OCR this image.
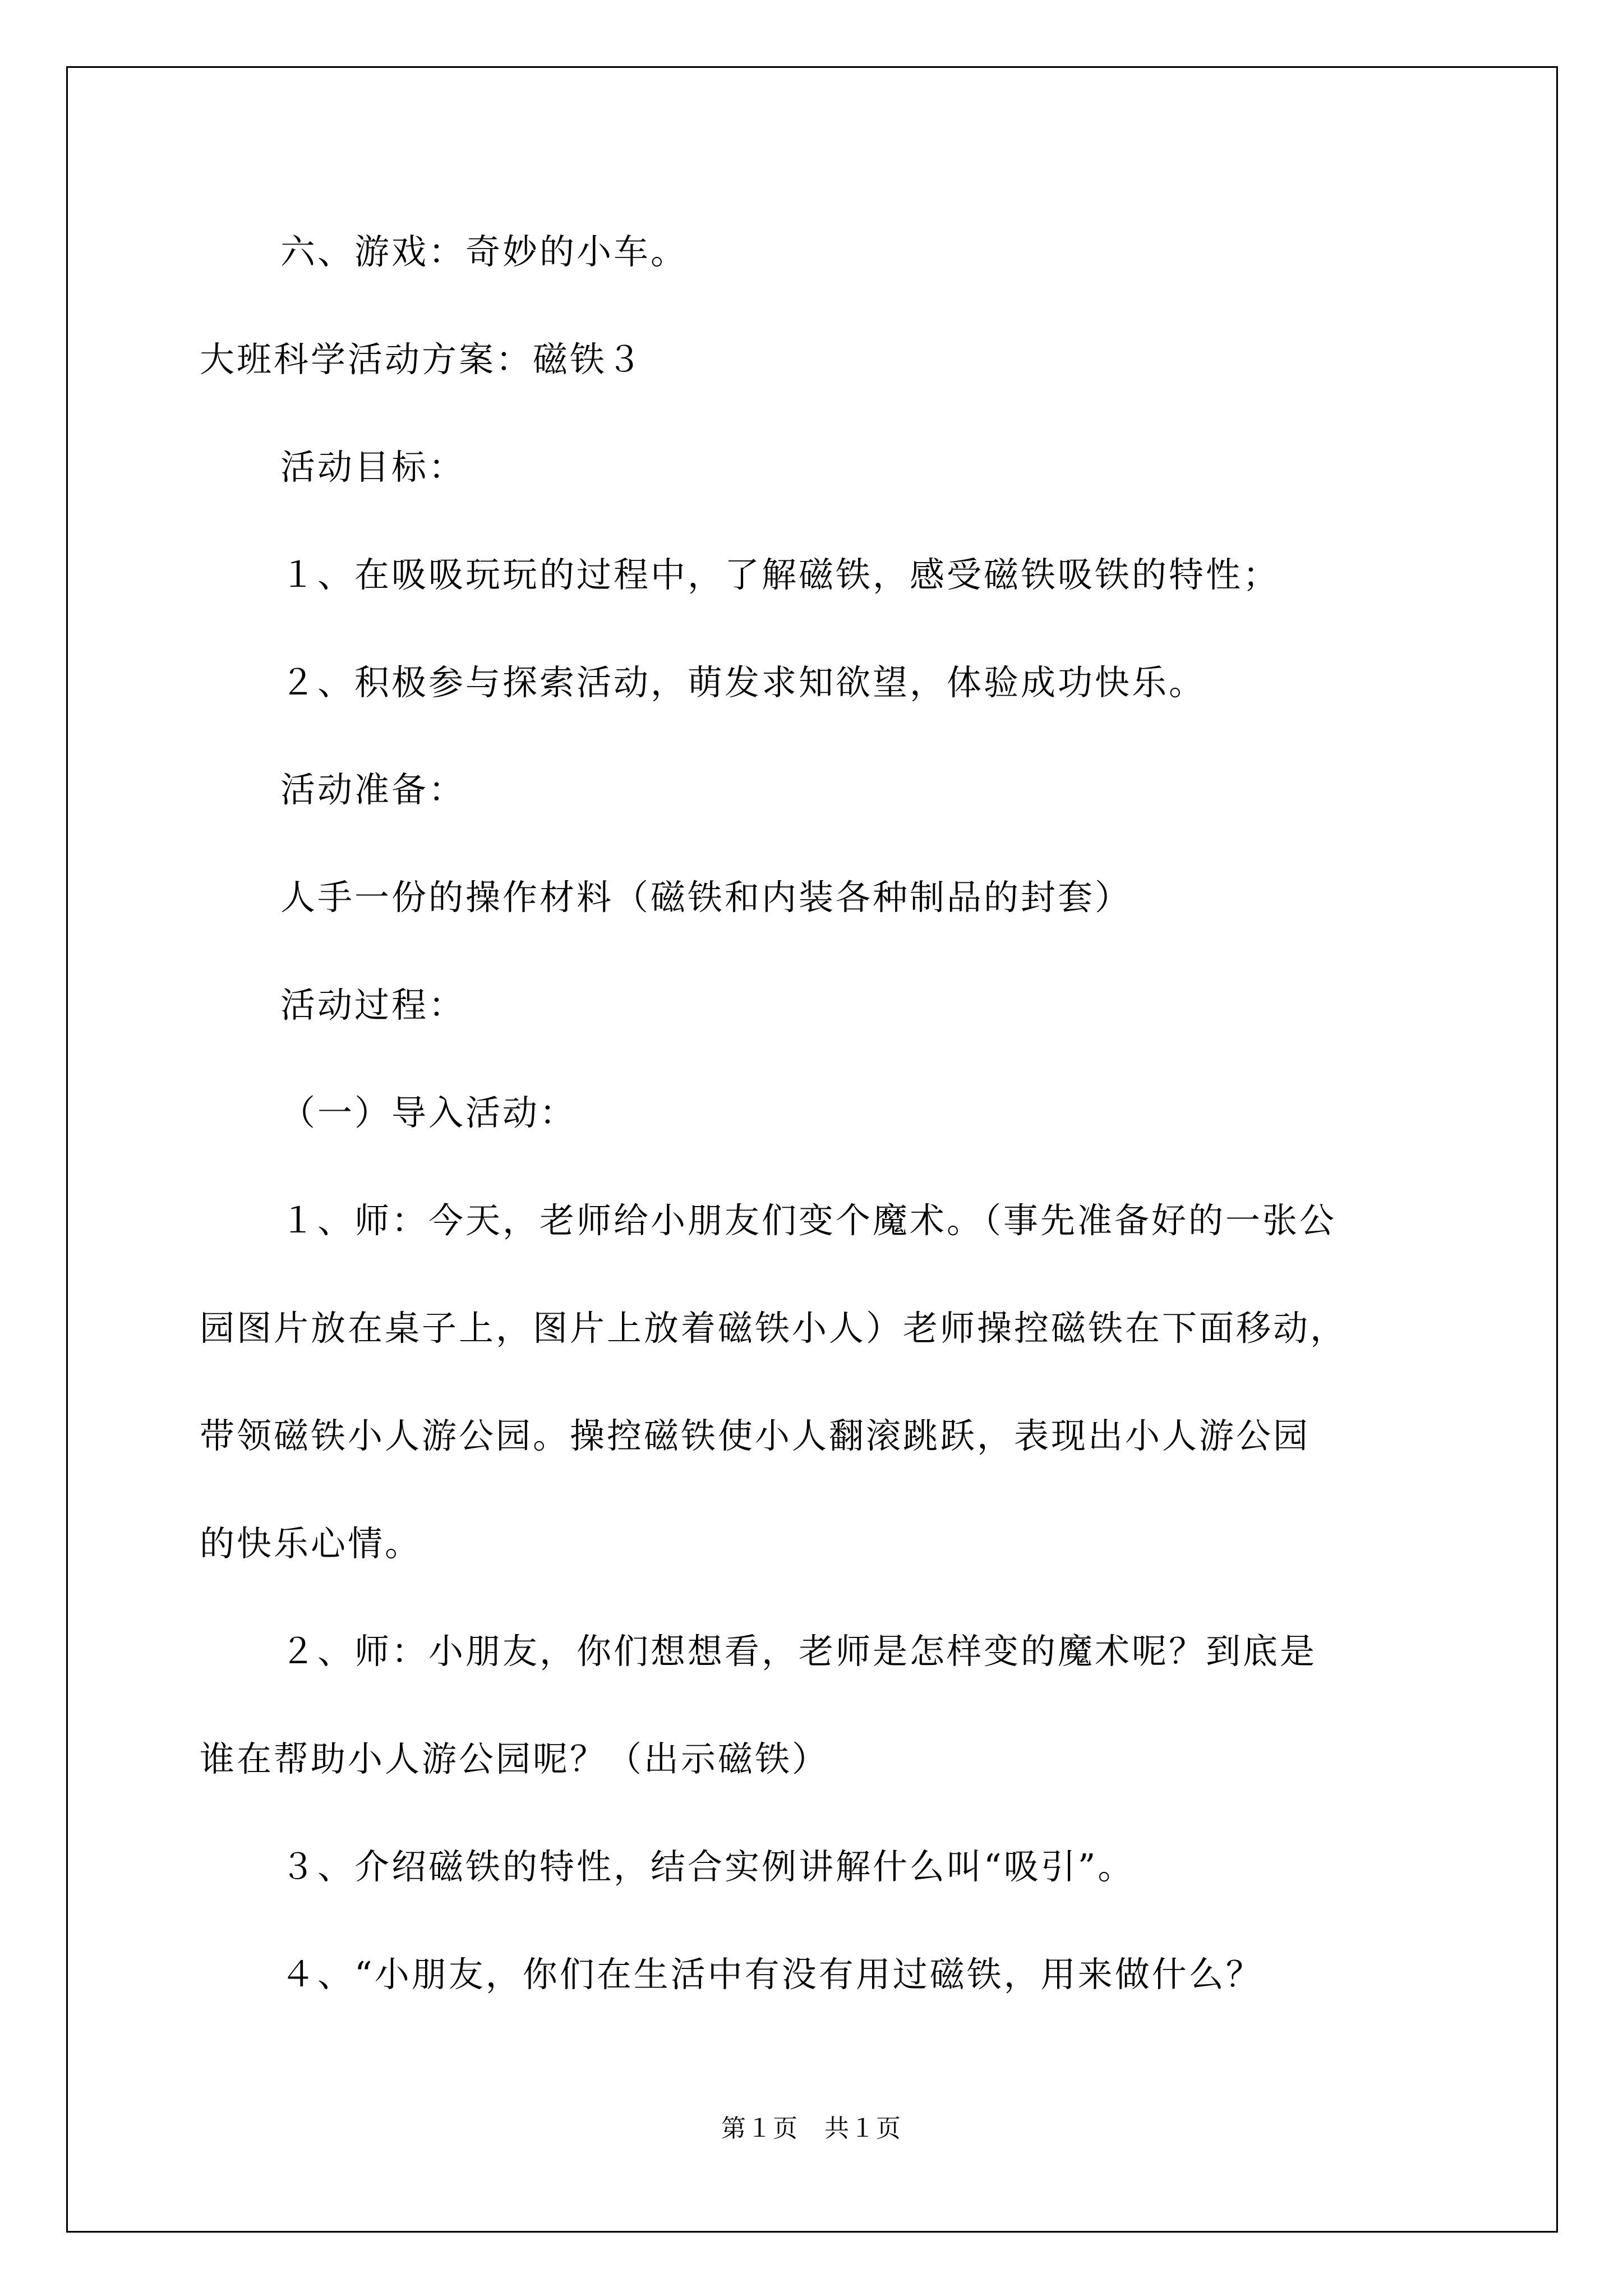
六、游戏：奇妙的小车。
大班科学活动方案：磁铁３
活动目标：
１、在吸吸玩玩的过程中，了解磁铁，感受磁铁吸铁的特性；
２、积极参与探索活动，萌发求知欲望，体验成功快乐。
活动准备：
人手一份的操作材料（磁铁和内装各种制品的封套）
活动过程：
（一）导入活动：
１、师：今天，老师给小朋友们变个魔术。（事先准备好的一张公
园图片放在桌子上，图片上放着磁铁小人）老师操控磁铁在下面移动，
带领磁铁小人游公园。操控磁铁使小人翻滚跳跃，表现出小人游公园
的快乐心情。
２、师：小朋友，你们想想看，老师是怎样变的魔术呢？到底是
谁在帮助小人游公园呢？（出示磁铁）
３、介绍磁铁的特性，结合实例讲解什么叫“吸引”。
４、“小朋友，你们在生活中有没有用过磁铁，用来做什么？
第１页　共１页
